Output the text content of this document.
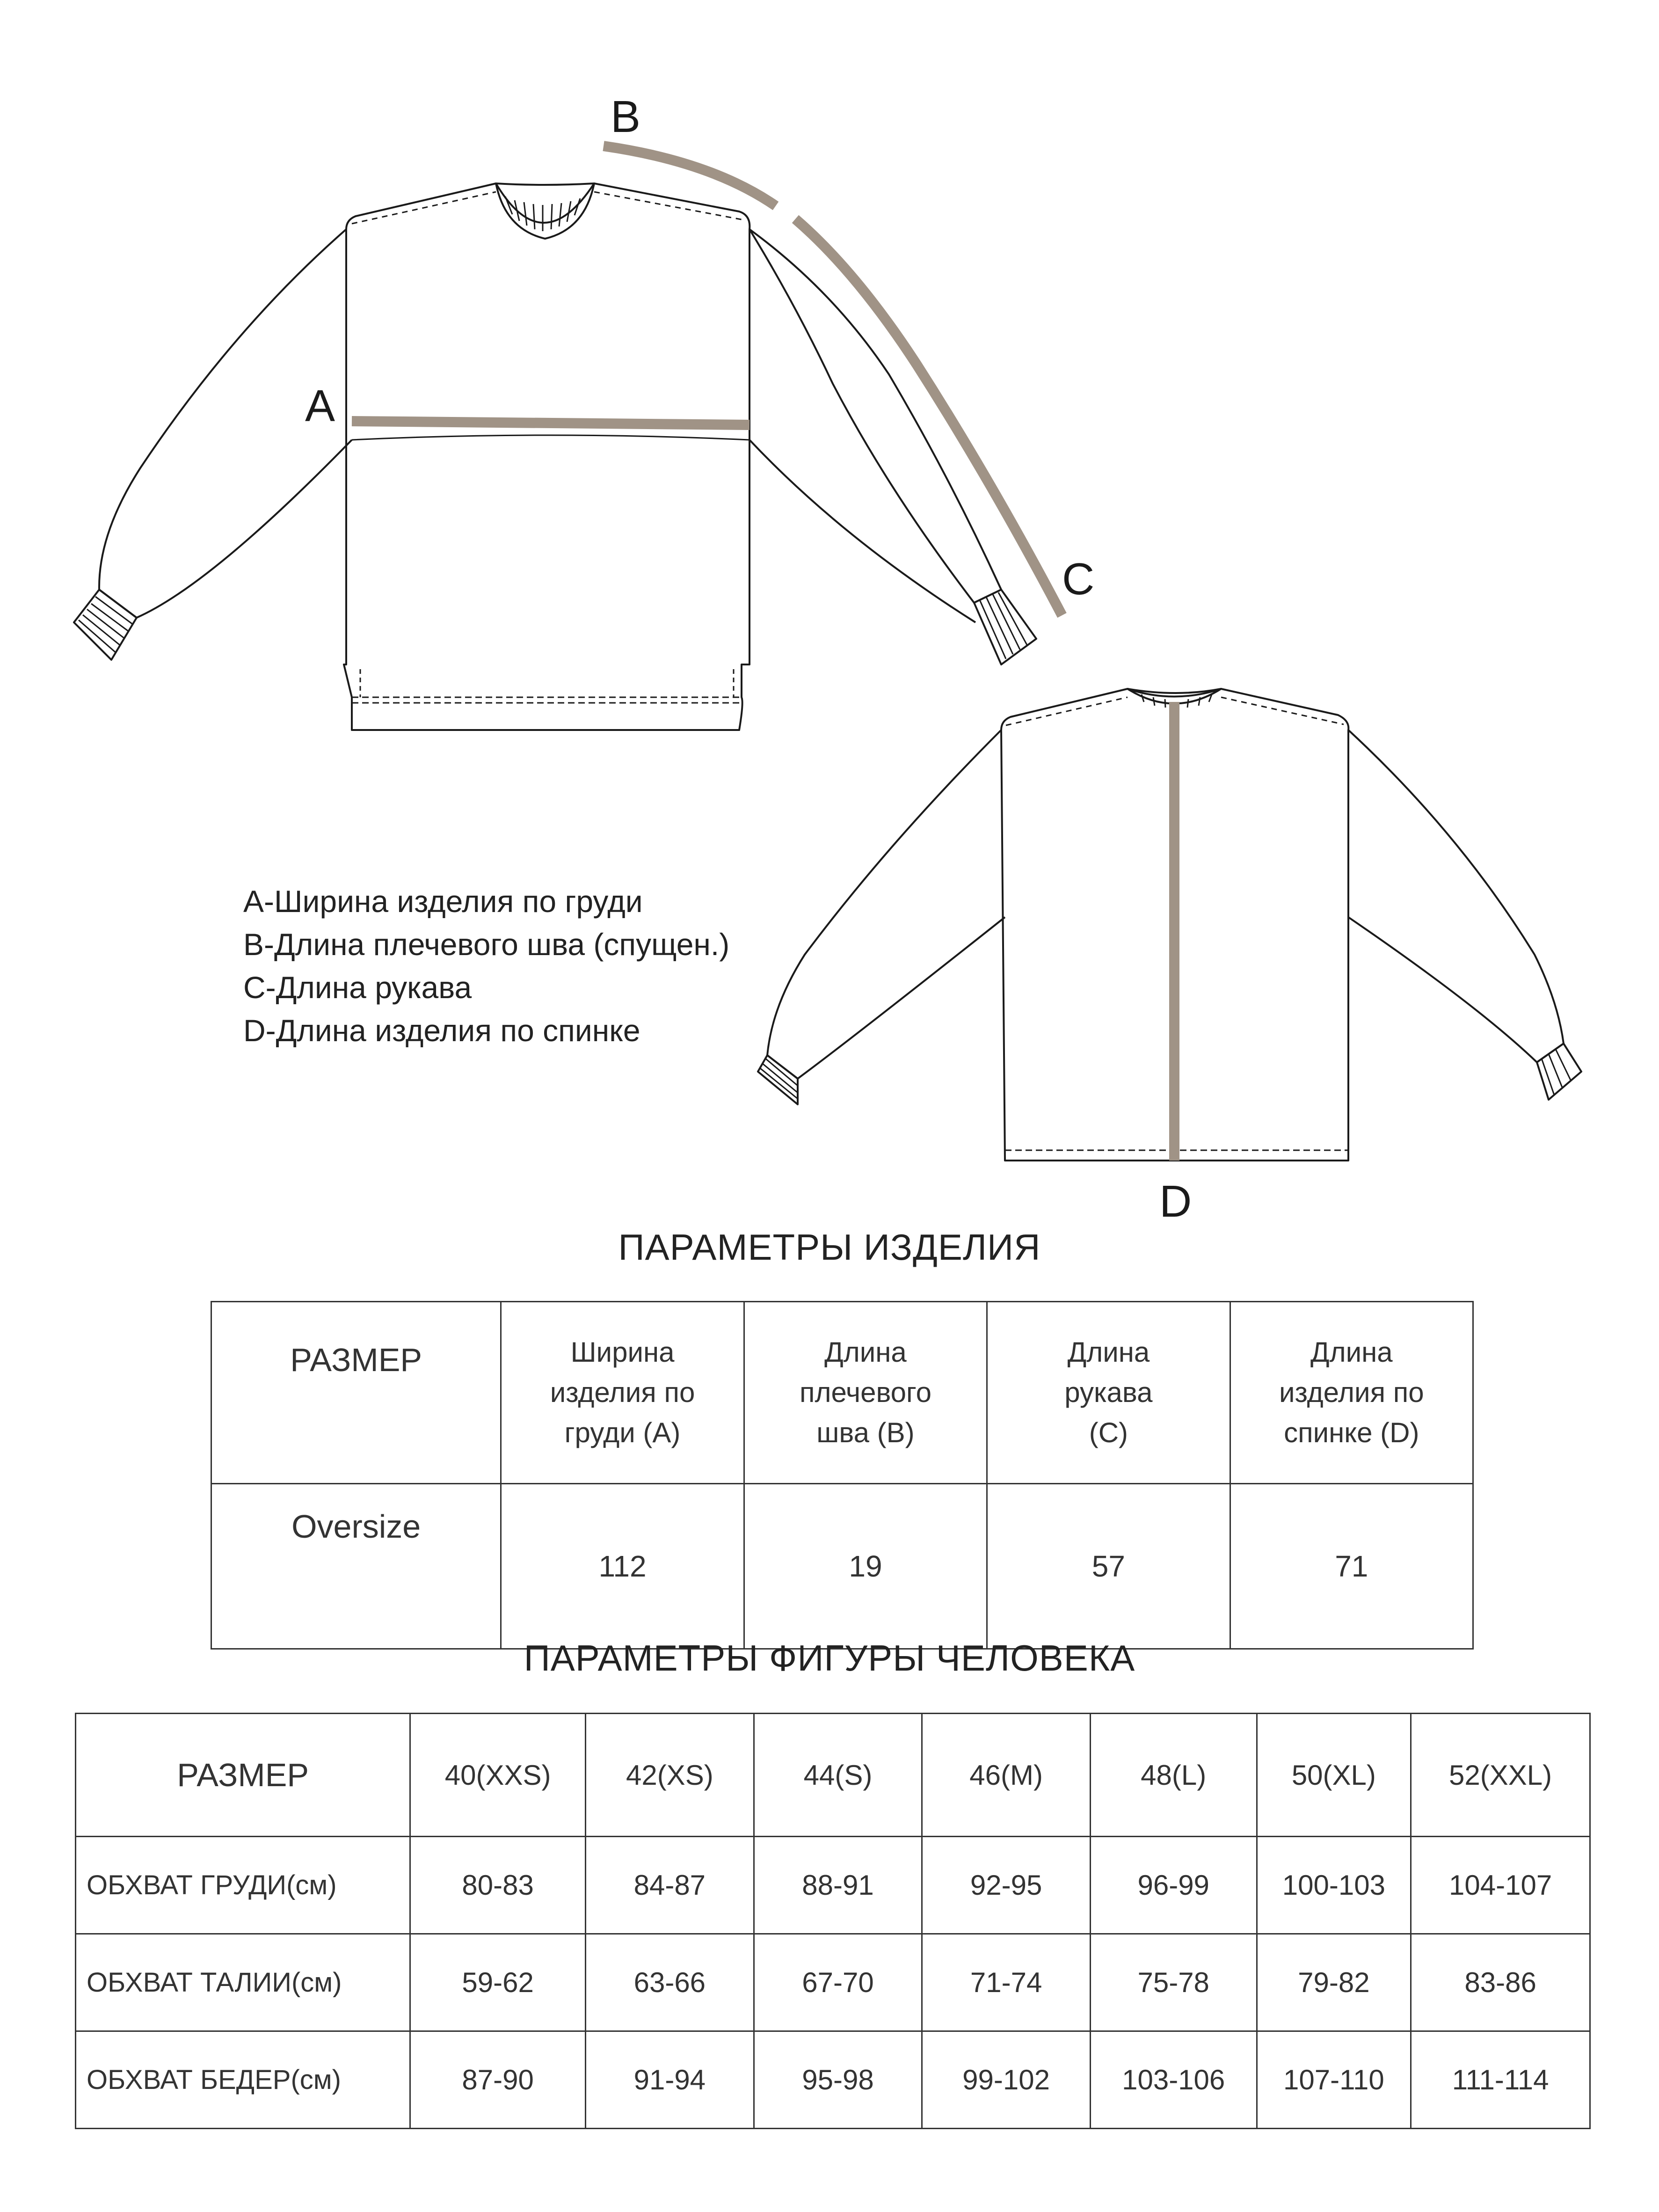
A
B
C
D
A-Ширина изделия по груди
B-Длина плечевого шва (спущен.)
C-Длина рукава
D-Длина изделия по спинке
ПАРАМЕТРЫ ИЗДЕЛИЯ
РАЗМЕР	Ширина
изделия по
груди (А)	Длина
плечевого
шва (В)	Длина
рукава
(С)	Длина
изделия по
спинке (D)
Oversize	112	19	57	71
ПАРАМЕТРЫ ФИГУРЫ ЧЕЛОВЕКА
РАЗМЕР	40(XXS)	42(XS)	44(S)	46(M)	48(L)	50(XL)	52(XXL)
ОБХВАТ ГРУДИ(см)	80-83	84-87	88-91	92-95	96-99	100-103	104-107
ОБХВАТ ТАЛИИ(см)	59-62	63-66	67-70	71-74	75-78	79-82	83-86
ОБХВАТ БЕДЕР(см)	87-90	91-94	95-98	99-102	103-106	107-110	111-114
